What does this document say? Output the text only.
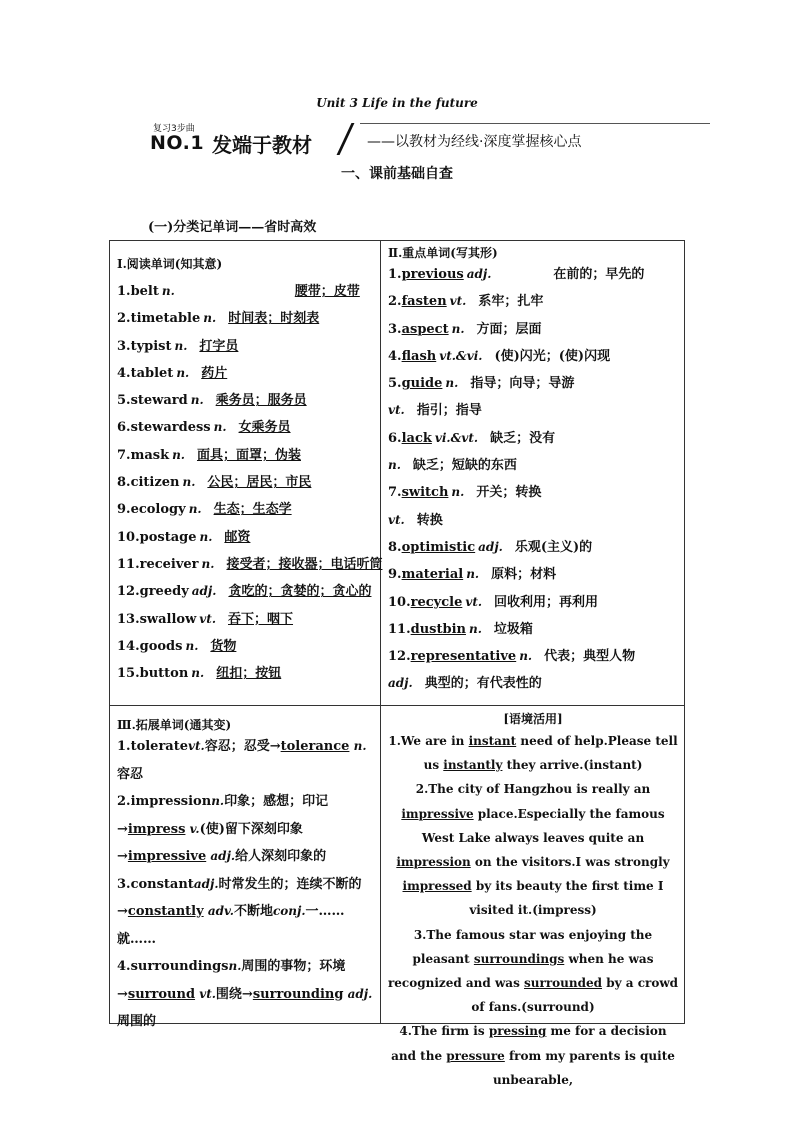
Unit 3 Life in the future
复习3步曲
NO.1 发端于教材	——以教材为经线·深度掌握核心点
一、课前基础自查
(一)分类记单词——省时高效
Ⅰ.阅读单词(知其意)
1.belt n.	腰带；皮带
2.timetable n. 时间表；时刻表
3.typist n. 打字员
4.tablet n. 药片
5.steward n. 乘务员；服务员
6.stewardess n. 女乘务员
7.mask n. 面具；面罩；伪装
8.citizen n. 公民；居民；市民
9.ecology n. 生态；生态学
10.postage n. 邮资
11.receiver n. 接受者；接收器；电话听筒
12.greedy adj. 贪吃的；贪婪的；贪心的
13.swallow vt. 吞下；咽下
14.goods n. 货物
15.button n. 纽扣；按钮
Ⅱ.重点单词(写其形)
1.previous adj.	在前的；早先的
2.fasten vt. 系牢；扎牢
3.aspect n. 方面；层面
4.flash vt.&vi. (使)闪光；(使)闪现
5.guide n. 指导；向导；导游
vt. 指引；指导
6.lack vi.&vt. 缺乏；没有
n. 缺乏；短缺的东西
7.switch n. 开关；转换
vt. 转换
8.optimistic adj. 乐观(主义)的
9.material n. 原料；材料
10.recycle vt. 回收利用；再利用
11.dustbin n. 垃圾箱
12.representative n. 代表；典型人物
adj. 典型的；有代表性的
Ⅲ.拓展单词(通其变)
1.toleratevt.容忍；忍受→tolerance n.容忍
2.impressionn.印象；感想；印记→impress v.(使)留下深刻印象→impressive adj.给人深刻印象的
3.constantadj.时常发生的；连续不断的→constantly adv.不断地conj.一……就……
4.surroundingsn.周围的事物；环境→surround vt.围绕→surrounding adj.周围的
[语境活用]
1.We are in instant need of help.Please tell us instantly they arrive.(instant)
2.The city of Hangzhou is really an impressive place.Especially the famous West Lake always leaves quite an impression on the visitors.I was strongly impressed by its beauty the first time I visited it.(impress)
3.The famous star was enjoying the pleasant surroundings when he was recognized and was surrounded by a crowd of fans.(surround)
4.The firm is pressing me for a decision and the pressure from my parents is quite unbearable,
